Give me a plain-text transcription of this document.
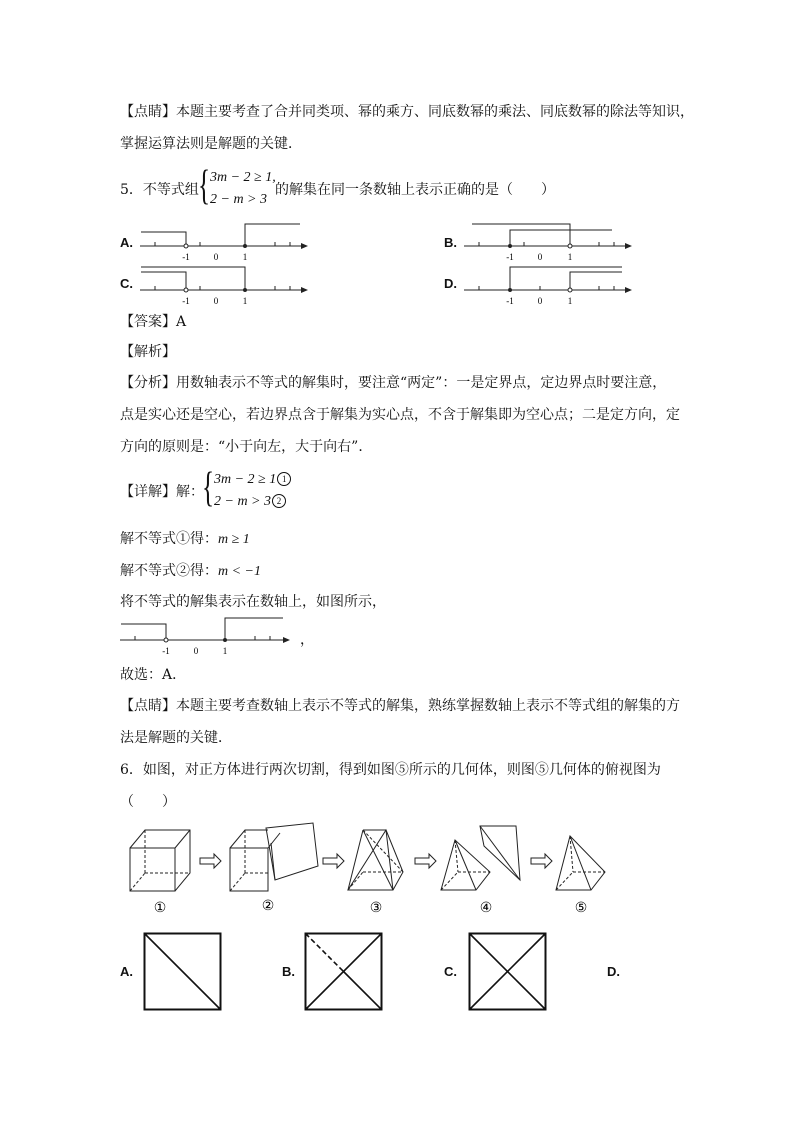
【点睛】本题主要考查了合并同类项、幂的乘方、同底数幂的乘法、同底数幂的除法等知识，
掌握运算法则是解题的关键．
5．不等式组 { 3m − 2 ≥ 1,
2 − m > 3
的解集在同一条数轴上表示正确的是（　　）
A.
-1	0	1
B.
-1	0	1
C.
-1	0	1
D.
-1	0	1
【答案】A
【解析】
【分析】用数轴表示不等式的解集时，要注意“两定”：一是定界点，定边界点时要注意，
点是实心还是空心，若边界点含于解集为实心点，不含于解集即为空心点；二是定方向，定
方向的原则是：“小于向左，大于向右”．
【详解】解：
{ 3m − 2 ≥ 1 1
2 − m > 3 2
解不等式①得：m ≥ 1
解不等式②得：m < −1
将不等式的解集表示在数轴上，如图所示，
-1	0	1
，
故选：A．
【点睛】本题主要考查数轴上表示不等式的解集，熟练掌握数轴上表示不等式组的解集的方
法是解题的关键．
6．如图，对正方体进行两次切割，得到如图⑤所示的几何体，则图⑤几何体的俯视图为
（　　）
①	②	③	④	⑤
A.	B.	C.	D.
